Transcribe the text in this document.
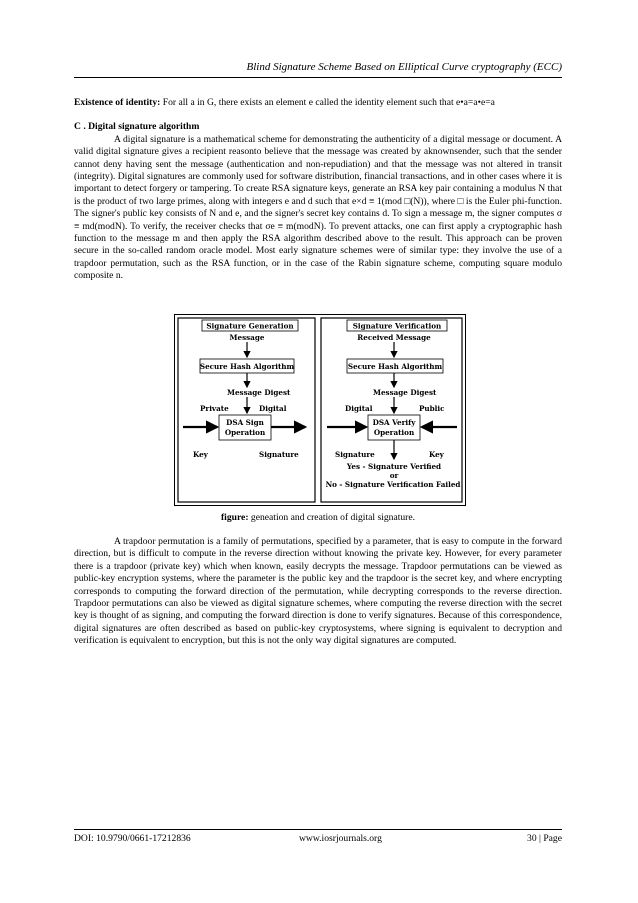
Blind Signature Scheme Based on Elliptical Curve cryptography (ECC)

Existence of identity: For all a in G, there exists an element e called the identity element such that e•a=a•e=a

C . Digital signature algorithm

A digital signature is a mathematical scheme for demonstrating the authenticity of a digital message or document. A valid digital signature gives a recipient reasonto believe that the message was created by aknownsender, such that the sender cannot deny having sent the message (authentication and non-repudiation) and that the message was not altered in transit (integrity). Digital signatures are commonly used for software distribution, financial transactions, and in other cases where it is important to detect forgery or tampering. To create RSA signature keys, generate an RSA key pair containing a modulus N that is the product of two large primes, along with integers e and d such that e×d ≡ 1(mod □(N)), where □ is the Euler phi-function. The signer's public key consists of N and e, and the signer's secret key contains d. To sign a message m, the signer computes σ ≡ md(modN). To verify, the receiver checks that σe ≡ m(modN). To prevent attacks, one can first apply a cryptographic hash function to the message m and then apply the RSA algorithm described above to the result. This approach can be proven secure in the so-called random oracle model. Most early signature schemes were of similar type: they involve the use of a trapdoor permutation, such as the RSA function, or in the case of the Rabin signature scheme, computing square modulo composite n.

Signature Generation
Message
Secure Hash Algorithm
Message Digest
Private	Digital
DSA Sign
Operation
Key	Signature
Signature Verification
Received Message
Secure Hash Algorithm
Message Digest
Digital	Public
DSA Verify
Operation
Signature	Key
Yes - Signature Verified
or
No - Signature Verification Failed
figure: geneation and creation of digital signature.

A trapdoor permutation is a family of permutations, specified by a parameter, that is easy to compute in the forward direction, but is difficult to compute in the reverse direction without knowing the private key. However, for every parameter there is a trapdoor (private key) which when known, easily decrypts the message. Trapdoor permutations can be viewed as public-key encryption systems, where the parameter is the public key and the trapdoor is the secret key, and where encrypting corresponds to computing the forward direction of the permutation, while decrypting corresponds to the reverse direction. Trapdoor permutations can also be viewed as digital signature schemes, where computing the reverse direction with the secret key is thought of as signing, and computing the forward direction is done to verify signatures. Because of this correspondence, digital signatures are often described as based on public-key cryptosystems, where signing is equivalent to decryption and verification is equivalent to encryption, but this is not the only way digital signatures are computed.

DOI: 10.9790/0661-17212836	www.iosrjournals.org	30 | Page
